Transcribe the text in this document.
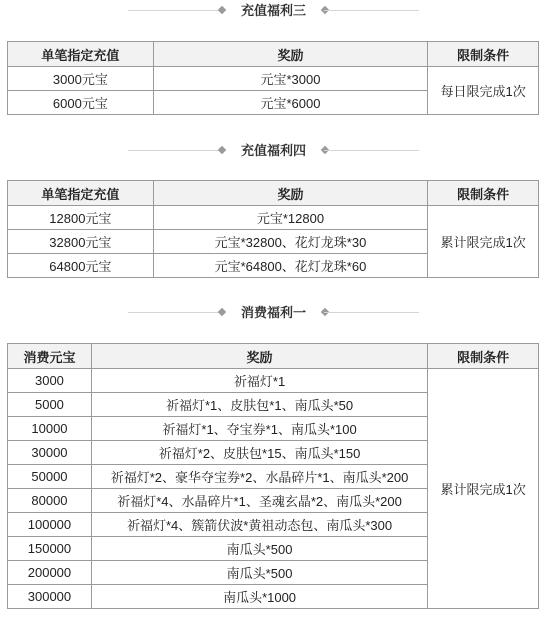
充值福利三
单笔指定充值	奖励	限制条件
3000元宝	元宝*3000	每日限完成1次
6000元宝	元宝*6000	
充值福利四
单笔指定充值	奖励	限制条件
12800元宝	元宝*12800	累计限完成1次
32800元宝	元宝*32800、花灯龙珠*30	
64800元宝	元宝*64800、花灯龙珠*60	
消费福利一
消费元宝	奖励	限制条件
3000	祈福灯*1	累计限完成1次
5000	祈福灯*1、皮肤包*1、南瓜头*50	
10000	祈福灯*1、夺宝券*1、南瓜头*100	
30000	祈福灯*2、皮肤包*15、南瓜头*150	
50000	祈福灯*2、豪华夺宝券*2、水晶碎片*1、南瓜头*200	
80000	祈福灯*4、水晶碎片*1、圣魂玄晶*2、南瓜头*200	
100000	祈福灯*4、簇箭伏波*黄祖动态包、南瓜头*300	
150000	南瓜头*500	
200000	南瓜头*500	
300000	南瓜头*1000	
